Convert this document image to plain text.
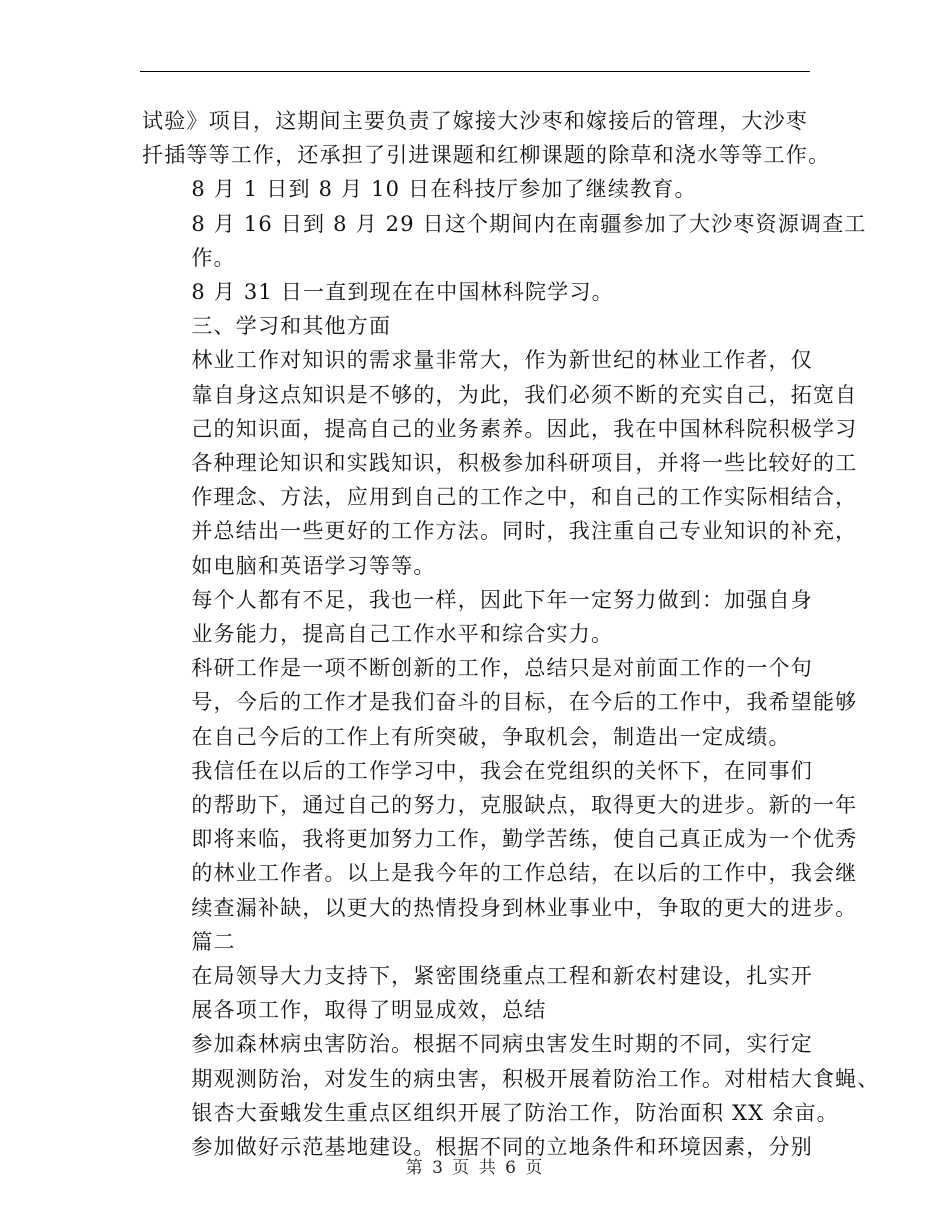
试验》项目，这期间主要负责了嫁接大沙枣和嫁接后的管理，大沙枣
扦插等等工作，还承担了引进课题和红柳课题的除草和浇水等等工作。
8 月 1 日到 8 月 10 日在科技厅参加了继续教育。
8 月 16 日到 8 月 29 日这个期间内在南疆参加了大沙枣资源调查工
作。
8 月 31 日一直到现在在中国林科院学习。
三、学习和其他方面
林业工作对知识的需求量非常大，作为新世纪的林业工作者，仅
靠自身这点知识是不够的，为此，我们必须不断的充实自己，拓宽自
己的知识面，提高自己的业务素养。因此，我在中国林科院积极学习
各种理论知识和实践知识，积极参加科研项目，并将一些比较好的工
作理念、方法，应用到自己的工作之中，和自己的工作实际相结合，
并总结出一些更好的工作方法。同时，我注重自己专业知识的补充，
如电脑和英语学习等等。
每个人都有不足，我也一样，因此下年一定努力做到：加强自身
业务能力，提高自己工作水平和综合实力。
科研工作是一项不断创新的工作，总结只是对前面工作的一个句
号，今后的工作才是我们奋斗的目标，在今后的工作中，我希望能够
在自己今后的工作上有所突破，争取机会，制造出一定成绩。
我信任在以后的工作学习中，我会在党组织的关怀下，在同事们
的帮助下，通过自己的努力，克服缺点，取得更大的进步。新的一年
即将来临，我将更加努力工作，勤学苦练，使自己真正成为一个优秀
的林业工作者。以上是我今年的工作总结，在以后的工作中，我会继
续查漏补缺，以更大的热情投身到林业事业中，争取的更大的进步。
篇二
在局领导大力支持下，紧密围绕重点工程和新农村建设，扎实开
展各项工作，取得了明显成效，总结
参加森林病虫害防治。根据不同病虫害发生时期的不同，实行定
期观测防治，对发生的病虫害，积极开展着防治工作。对柑桔大食蝇、
银杏大蚕蛾发生重点区组织开展了防治工作，防治面积 XX 余亩。
参加做好示范基地建设。根据不同的立地条件和环境因素，分别
第 3 页 共 6 页
